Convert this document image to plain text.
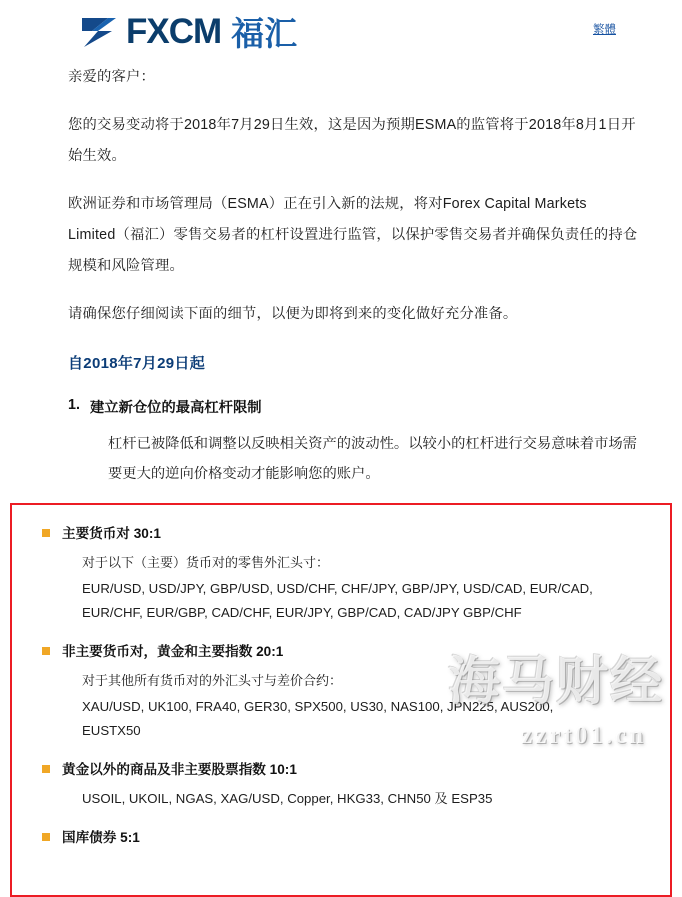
FXCM 福汇	繁體

亲爱的客户：

您的交易变动将于2018年7月29日生效，这是因为预期ESMA的监管将于2018年8月1日开始生效。

欧洲证券和市场管理局（ESMA）正在引入新的法规，将对Forex Capital Markets Limited（福汇）零售交易者的杠杆设置进行监管，以保护零售交易者并确保负责任的持仓规模和风险管理。

请确保您仔细阅读下面的细节，以便为即将到来的变化做好充分准备。

自2018年7月29日起
1. 建立新仓位的最高杠杆限制
杠杆已被降低和调整以反映相关资产的波动性。以较小的杠杆进行交易意味着市场需要更大的逆向价格变动才能影响您的账户。
主要货币对 30:1
对于以下（主要）货币对的零售外汇头寸：
EUR/USD, USD/JPY, GBP/USD, USD/CHF, CHF/JPY, GBP/JPY, USD/CAD, EUR/CAD,
EUR/CHF, EUR/GBP, CAD/CHF, EUR/JPY, GBP/CAD, CAD/JPY GBP/CHF
非主要货币对，黄金和主要指数 20:1
对于其他所有货币对的外汇头寸与差价合约：
XAU/USD, UK100, FRA40, GER30, SPX500, US30, NAS100, JPN225, AUS200,
EUSTX50
黄金以外的商品及非主要股票指数 10:1
USOIL, UKOIL, NGAS, XAG/USD, Copper, HKG33, CHN50 及 ESP35
国库债券 5:1
海马财经
zzrt01.cn
